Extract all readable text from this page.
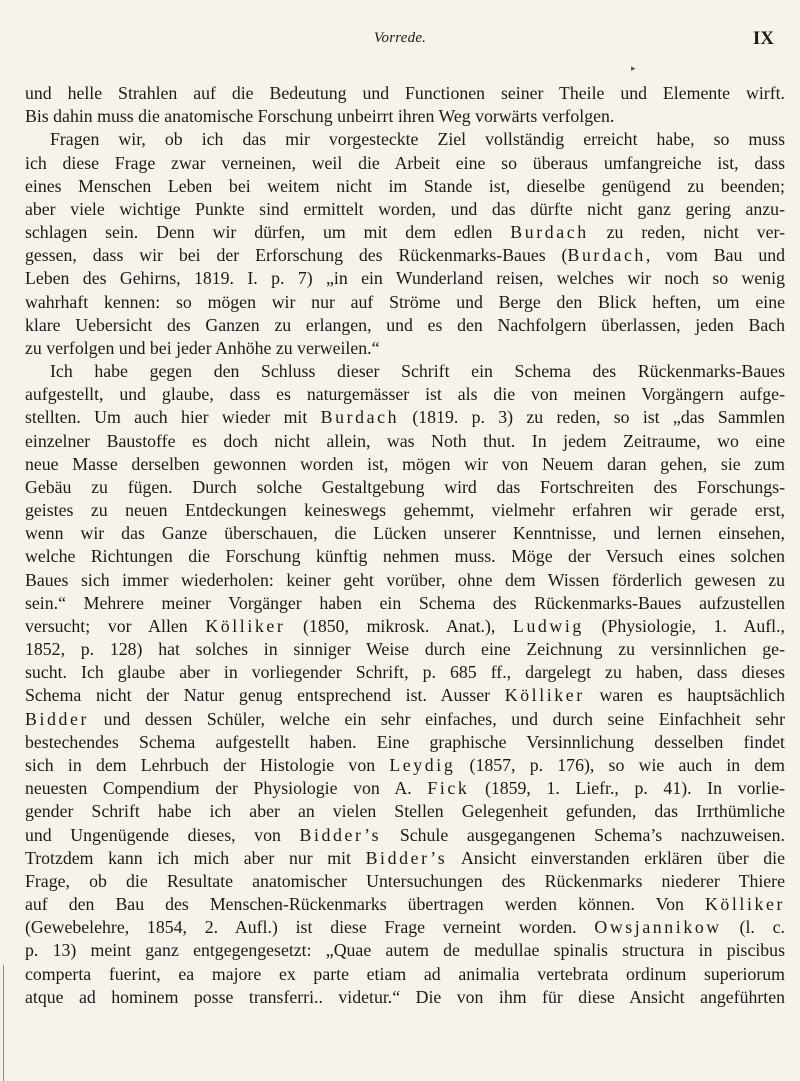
Vorrede.	IX
▸
und helle Strahlen auf die Bedeutung und Functionen seiner Theile und Elemente wirft.
Bis dahin muss die anatomische Forschung unbeirrt ihren Weg vorwärts verfolgen.
Fragen wir, ob ich das mir vorgesteckte Ziel vollständig erreicht habe, so muss
ich diese Frage zwar verneinen, weil die Arbeit eine so überaus umfangreiche ist, dass
eines Menschen Leben bei weitem nicht im Stande ist, dieselbe genügend zu beenden;
aber viele wichtige Punkte sind ermittelt worden, und das dürfte nicht ganz gering anzu-
schlagen sein. Denn wir dürfen, um mit dem edlen Burdach zu reden, nicht ver-
gessen, dass wir bei der Erforschung des Rückenmarks-Baues (Burdach, vom Bau und
Leben des Gehirns, 1819. I. p. 7) „in ein Wunderland reisen, welches wir noch so wenig
wahrhaft kennen: so mögen wir nur auf Ströme und Berge den Blick heften, um eine
klare Uebersicht des Ganzen zu erlangen, und es den Nachfolgern überlassen, jeden Bach
zu verfolgen und bei jeder Anhöhe zu verweilen.“
Ich habe gegen den Schluss dieser Schrift ein Schema des Rückenmarks-Baues
aufgestellt, und glaube, dass es naturgemässer ist als die von meinen Vorgängern aufge-
stellten. Um auch hier wieder mit Burdach (1819. p. 3) zu reden, so ist „das Sammlen
einzelner Baustoffe es doch nicht allein, was Noth thut. In jedem Zeitraume, wo eine
neue Masse derselben gewonnen worden ist, mögen wir von Neuem daran gehen, sie zum
Gebäu zu fügen. Durch solche Gestaltgebung wird das Fortschreiten des Forschungs-
geistes zu neuen Entdeckungen keineswegs gehemmt, vielmehr erfahren wir gerade erst,
wenn wir das Ganze überschauen, die Lücken unserer Kenntnisse, und lernen einsehen,
welche Richtungen die Forschung künftig nehmen muss. Möge der Versuch eines solchen
Baues sich immer wiederholen: keiner geht vorüber, ohne dem Wissen förderlich gewesen zu
sein.“ Mehrere meiner Vorgänger haben ein Schema des Rückenmarks-Baues aufzustellen
versucht; vor Allen Kölliker (1850, mikrosk. Anat.), Ludwig (Physiologie, 1. Aufl.,
1852, p. 128) hat solches in sinniger Weise durch eine Zeichnung zu versinnlichen ge-
sucht. Ich glaube aber in vorliegender Schrift, p. 685 ff., dargelegt zu haben, dass dieses
Schema nicht der Natur genug entsprechend ist. Ausser Kölliker waren es hauptsächlich
Bidder und dessen Schüler, welche ein sehr einfaches, und durch seine Einfachheit sehr
bestechendes Schema aufgestellt haben. Eine graphische Versinnlichung desselben findet
sich in dem Lehrbuch der Histologie von Leydig (1857, p. 176), so wie auch in dem
neuesten Compendium der Physiologie von A. Fick (1859, 1. Liefr., p. 41). In vorlie-
gender Schrift habe ich aber an vielen Stellen Gelegenheit gefunden, das Irrthümliche
und Ungenügende dieses, von Bidder’s Schule ausgegangenen Schema’s nachzuweisen.
Trotzdem kann ich mich aber nur mit Bidder’s Ansicht einverstanden erklären über die
Frage, ob die Resultate anatomischer Untersuchungen des Rückenmarks niederer Thiere
auf den Bau des Menschen-Rückenmarks übertragen werden können. Von Kölliker
(Gewebelehre, 1854, 2. Aufl.) ist diese Frage verneint worden. Owsjannikow (l. c.
p. 13) meint ganz entgegengesetzt: „Quae autem de medullae spinalis structura in piscibus
comperta fuerint, ea majore ex parte etiam ad animalia vertebrata ordinum superiorum
atque ad hominem posse transferri.. videtur.“ Die von ihm für diese Ansicht angeführten
